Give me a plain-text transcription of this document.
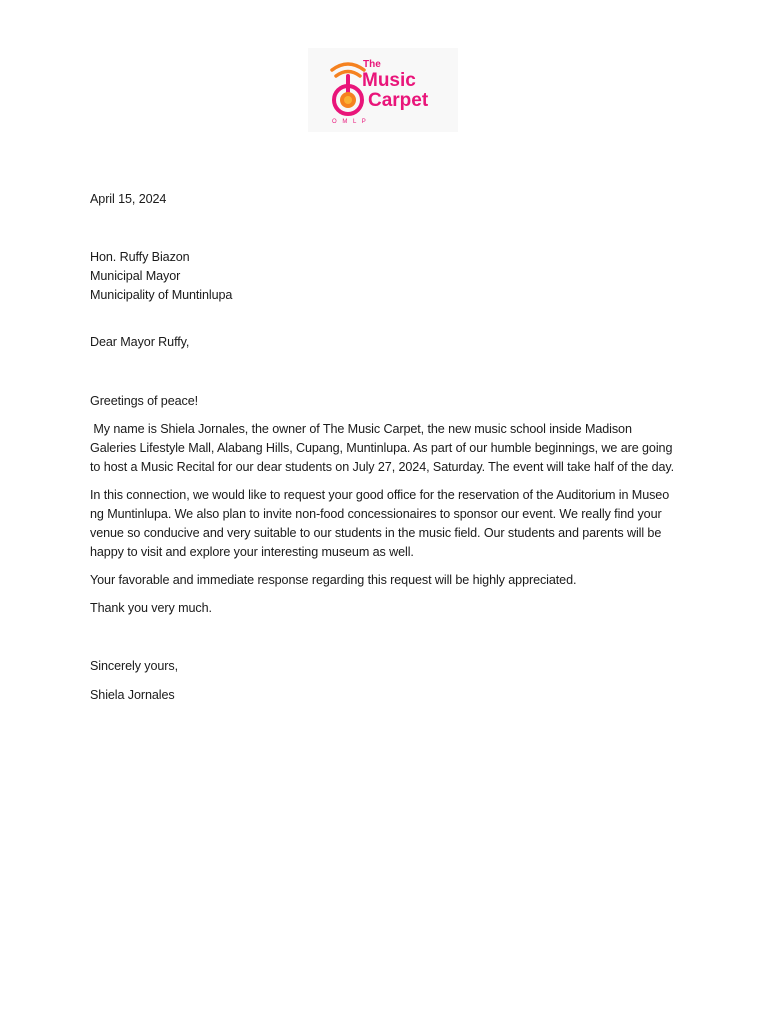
The
Music
Carpet
O M L P

April 15, 2024

Hon. Ruffy Biazon

Municipal Mayor

Municipality of Muntinlupa

Dear Mayor Ruffy,

Greetings of peace!

My name is Shiela Jornales, the owner of The Music Carpet, the new music school inside Madison Galeries Lifestyle Mall, Alabang Hills, Cupang, Muntinlupa. As part of our humble beginnings, we are going to host a Music Recital for our dear students on July 27, 2024, Saturday. The event will take half of the day.

In this connection, we would like to request your good office for the reservation of the Auditorium in Museo ng Muntinlupa. We also plan to invite non-food concessionaires to sponsor our event. We really find your venue so conducive and very suitable to our students in the music field. Our students and parents will be happy to visit and explore your interesting museum as well.

Your favorable and immediate response regarding this request will be highly appreciated.

Thank you very much.

Sincerely yours,

Shiela Jornales
